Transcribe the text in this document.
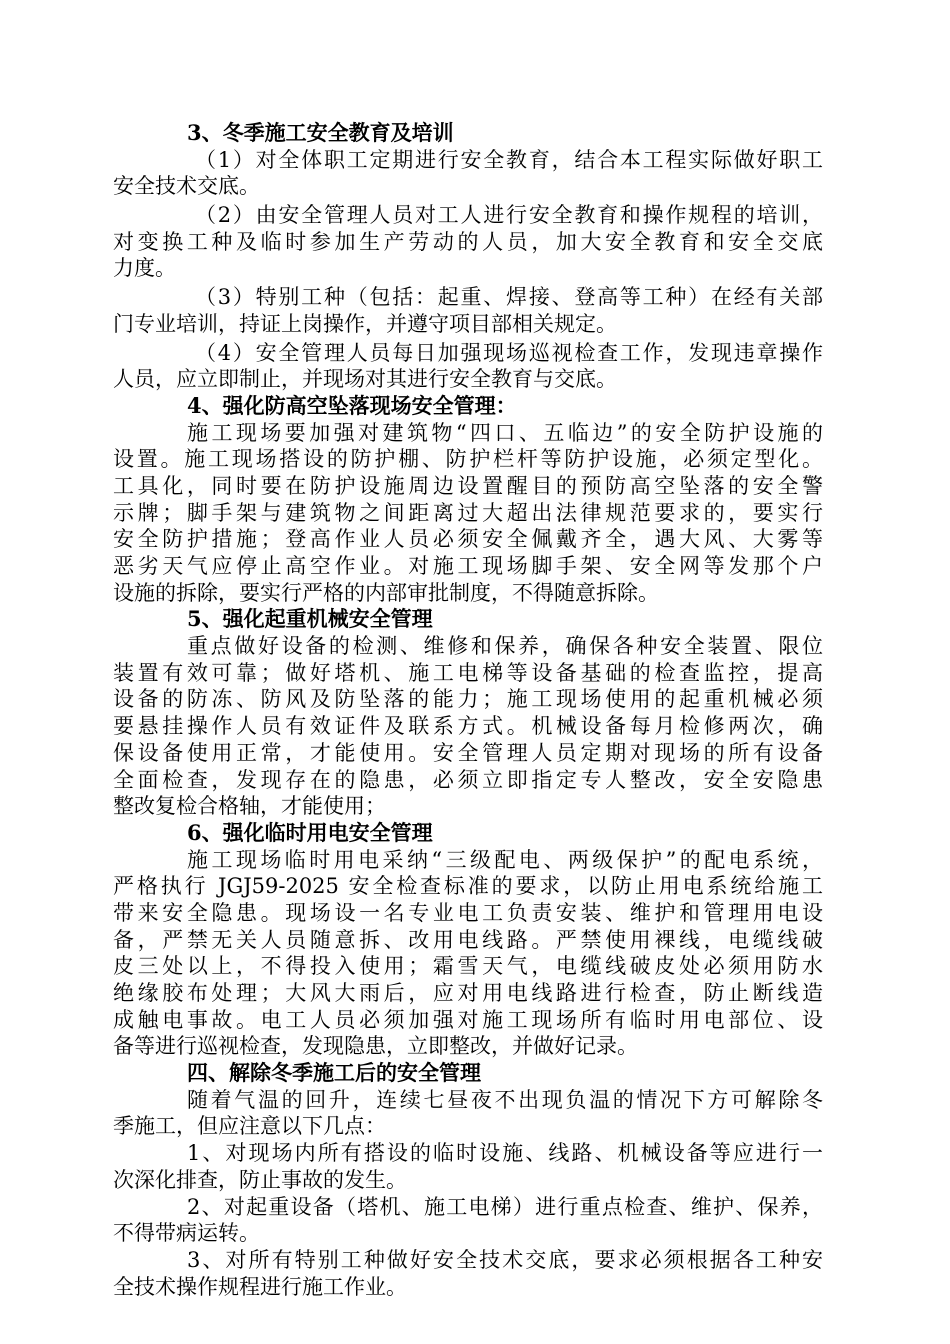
3、冬季施工安全教育及培训
（1）对全体职工定期进行安全教育，结合本工程实际做好职工
安全技术交底。
（2）由安全管理人员对工人进行安全教育和操作规程的培训，
对变换工种及临时参加生产劳动的人员，加大安全教育和安全交底
力度。
（3）特别工种（包括：起重、焊接、登高等工种）在经有关部
门专业培训，持证上岗操作，并遵守项目部相关规定。
（4）安全管理人员每日加强现场巡视检查工作，发现违章操作
人员，应立即制止，并现场对其进行安全教育与交底。
4、强化防高空坠落现场安全管理：
施工现场要加强对建筑物“四口、五临边”的安全防护设施的
设置。施工现场搭设的防护棚、防护栏杆等防护设施，必须定型化。
工具化，同时要在防护设施周边设置醒目的预防高空坠落的安全警
示牌；脚手架与建筑物之间距离过大超出法律规范要求的，要实行
安全防护措施；登高作业人员必须安全佩戴齐全，遇大风、大雾等
恶劣天气应停止高空作业。对施工现场脚手架、安全网等发那个户
设施的拆除，要实行严格的内部审批制度，不得随意拆除。
5、强化起重机械安全管理
重点做好设备的检测、维修和保养，确保各种安全装置、限位
装置有效可靠；做好塔机、施工电梯等设备基础的检查监控，提高
设备的防冻、防风及防坠落的能力；施工现场使用的起重机械必须
要悬挂操作人员有效证件及联系方式。机械设备每月检修两次，确
保设备使用正常，才能使用。安全管理人员定期对现场的所有设备
全面检查，发现存在的隐患，必须立即指定专人整改，安全安隐患
整改复检合格轴，才能使用；
6、强化临时用电安全管理
施工现场临时用电采纳“三级配电、两级保护”的配电系统，
严格执行 JGJ59-2025 安全检查标准的要求，以防止用电系统给施工
带来安全隐患。现场设一名专业电工负责安装、维护和管理用电设
备，严禁无关人员随意拆、改用电线路。严禁使用裸线，电缆线破
皮三处以上，不得投入使用；霜雪天气，电缆线破皮处必须用防水
绝缘胶布处理；大风大雨后，应对用电线路进行检查，防止断线造
成触电事故。电工人员必须加强对施工现场所有临时用电部位、设
备等进行巡视检查，发现隐患，立即整改，并做好记录。
四、解除冬季施工后的安全管理
随着气温的回升，连续七昼夜不出现负温的情况下方可解除冬
季施工，但应注意以下几点：
1、对现场内所有搭设的临时设施、线路、机械设备等应进行一
次深化排查，防止事故的发生。
2、对起重设备（塔机、施工电梯）进行重点检查、维护、保养，
不得带病运转。
3、对所有特别工种做好安全技术交底，要求必须根据各工种安
全技术操作规程进行施工作业。
